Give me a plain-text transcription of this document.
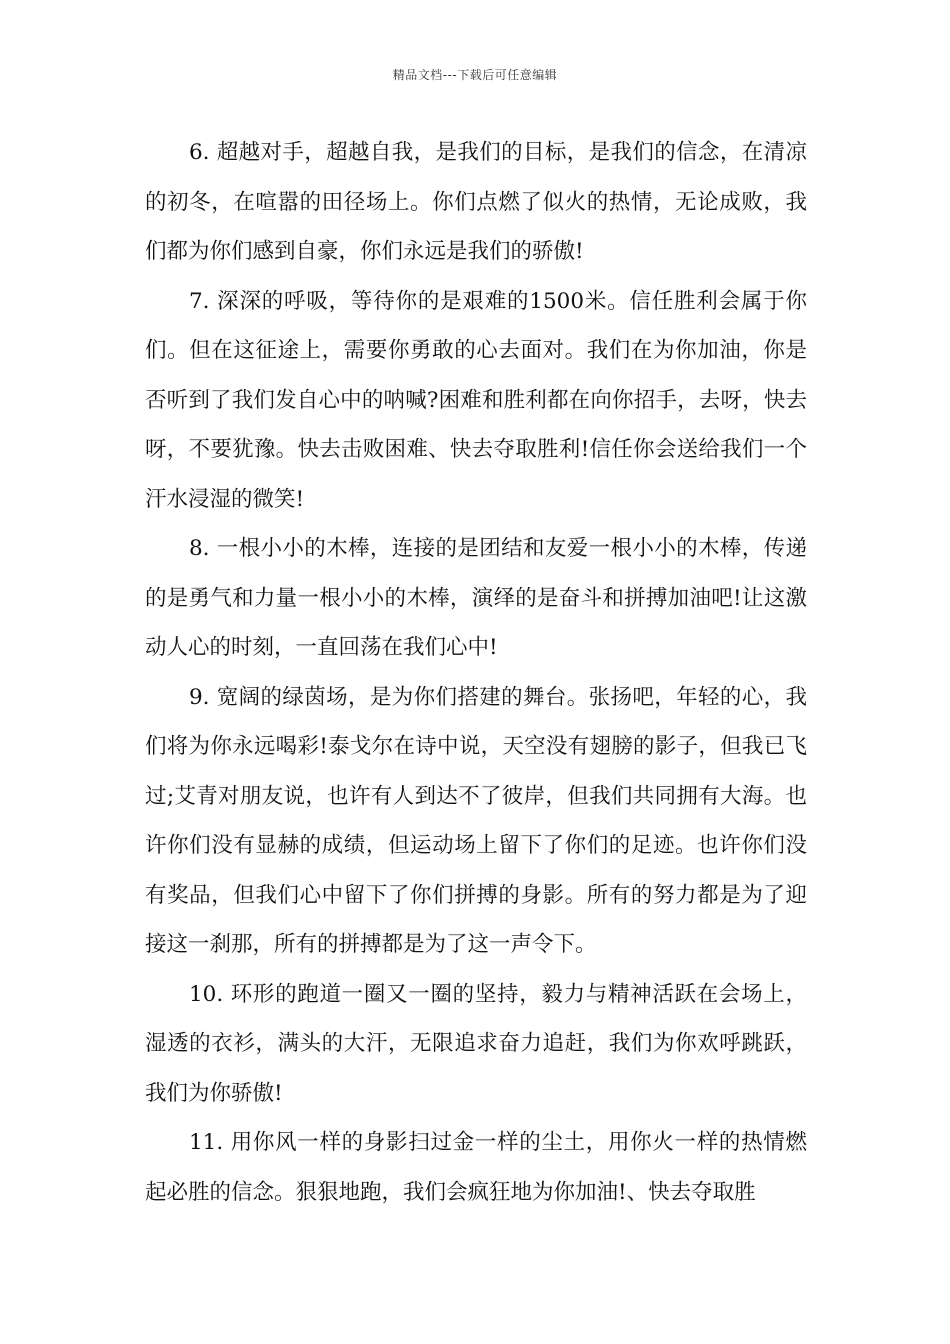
精品文档---下载后可任意编辑

6. 超越对手，超越自我，是我们的目标，是我们的信念，在清凉的初冬，在喧嚣的田径场上。你们点燃了似火的热情，无论成败，我们都为你们感到自豪，你们永远是我们的骄傲!

7. 深深的呼吸，等待你的是艰难的1500米。信任胜利会属于你们。但在这征途上，需要你勇敢的心去面对。我们在为你加油，你是否听到了我们发自心中的呐喊?困难和胜利都在向你招手，去呀，快去呀，不要犹豫。快去击败困难、快去夺取胜利!信任你会送给我们一个汗水浸湿的微笑!

8. 一根小小的木棒，连接的是团结和友爱一根小小的木棒，传递的是勇气和力量一根小小的木棒，演绎的是奋斗和拼搏加油吧!让这激动人心的时刻，一直回荡在我们心中!

9. 宽阔的绿茵场，是为你们搭建的舞台。张扬吧，年轻的心，我们将为你永远喝彩!泰戈尔在诗中说，天空没有翅膀的影子，但我已飞过;艾青对朋友说，也许有人到达不了彼岸，但我们共同拥有大海。也许你们没有显赫的成绩，但运动场上留下了你们的足迹。也许你们没有奖品，但我们心中留下了你们拼搏的身影。所有的努力都是为了迎接这一刹那，所有的拼搏都是为了这一声令下。

10. 环形的跑道一圈又一圈的坚持，毅力与精神活跃在会场上，湿透的衣衫，满头的大汗，无限追求奋力追赶，我们为你欢呼跳跃，我们为你骄傲!

11. 用你风一样的身影扫过金一样的尘土，用你火一样的热情燃起必胜的信念。狠狠地跑，我们会疯狂地为你加油!、快去夺取胜
